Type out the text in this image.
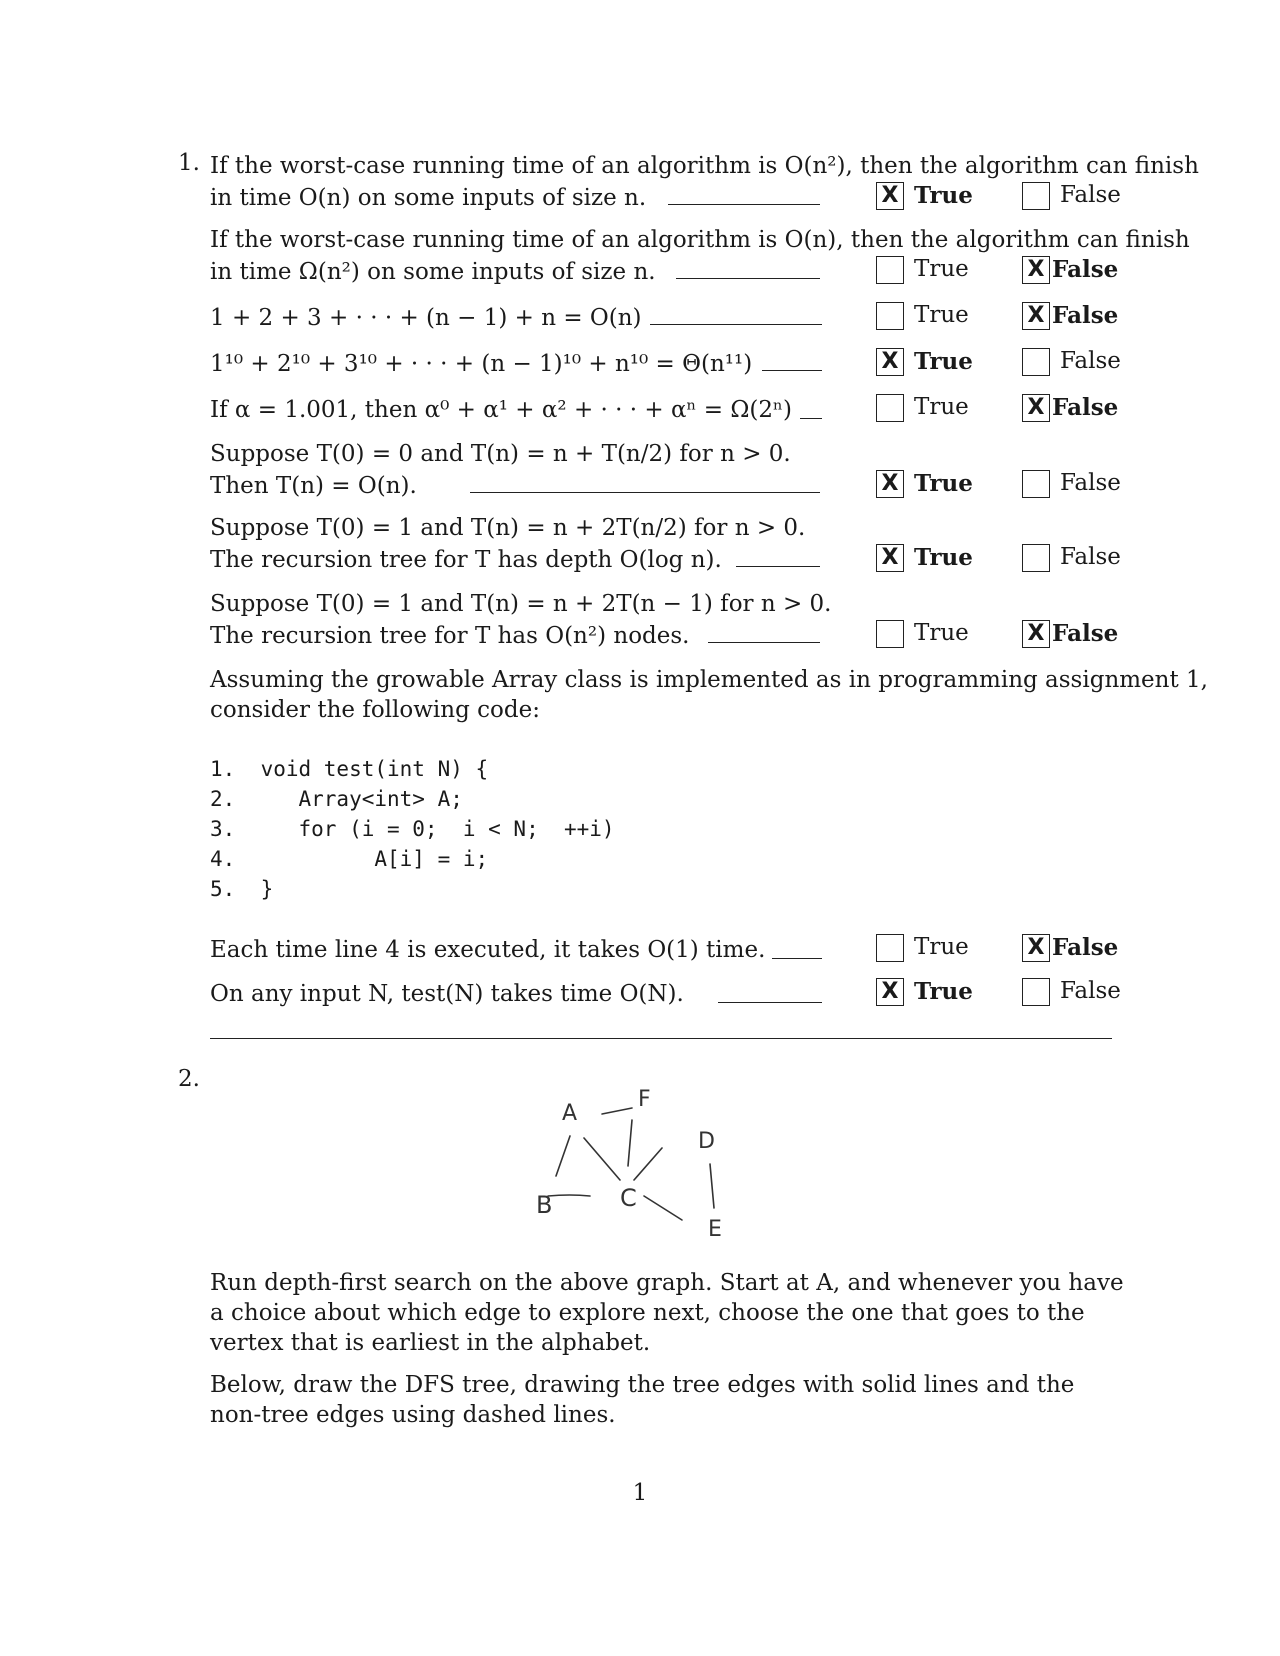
1. If the worst-case running time of an algorithm is O(n²), then the algorithm can finish
in time O(n) on some inputs of size n.	X True	False
If the worst-case running time of an algorithm is O(n), then the algorithm can finish
in time Ω(n²) on some inputs of size n.	True	X False
1 + 2 + 3 + · · · + (n − 1) + n = O(n)	True	X False
1¹⁰ + 2¹⁰ + 3¹⁰ + · · · + (n − 1)¹⁰ + n¹⁰ = Θ(n¹¹)	X True	False
If α = 1.001, then α⁰ + α¹ + α² + · · · + αⁿ = Ω(2ⁿ)	True	X False
Suppose T(0) = 0 and T(n) = n + T(n/2) for n > 0.
Then T(n) = O(n).	X True	False
Suppose T(0) = 1 and T(n) = n + 2T(n/2) for n > 0.
The recursion tree for T has depth O(log n).	X True	False
Suppose T(0) = 1 and T(n) = n + 2T(n − 1) for n > 0.
The recursion tree for T has O(n²) nodes.	True	X False
Assuming the growable Array class is implemented as in programming assignment 1,
consider the following code:
1.  void test(int N) {
2.     Array<int> A;
3.     for (i = 0;  i < N;  ++i)
4.           A[i] = i;
5.  }
Each time line 4 is executed, it takes O(1) time.	True	X False
On any input N, test(N) takes time O(N).	X True	False
2.
A
B	C
D
E
F
Run depth-first search on the above graph. Start at A, and whenever you have a choice about which edge to explore next, choose the one that goes to the vertex that is earliest in the alphabet.
Below, draw the DFS tree, drawing the tree edges with solid lines and the non-tree edges using dashed lines.
1
